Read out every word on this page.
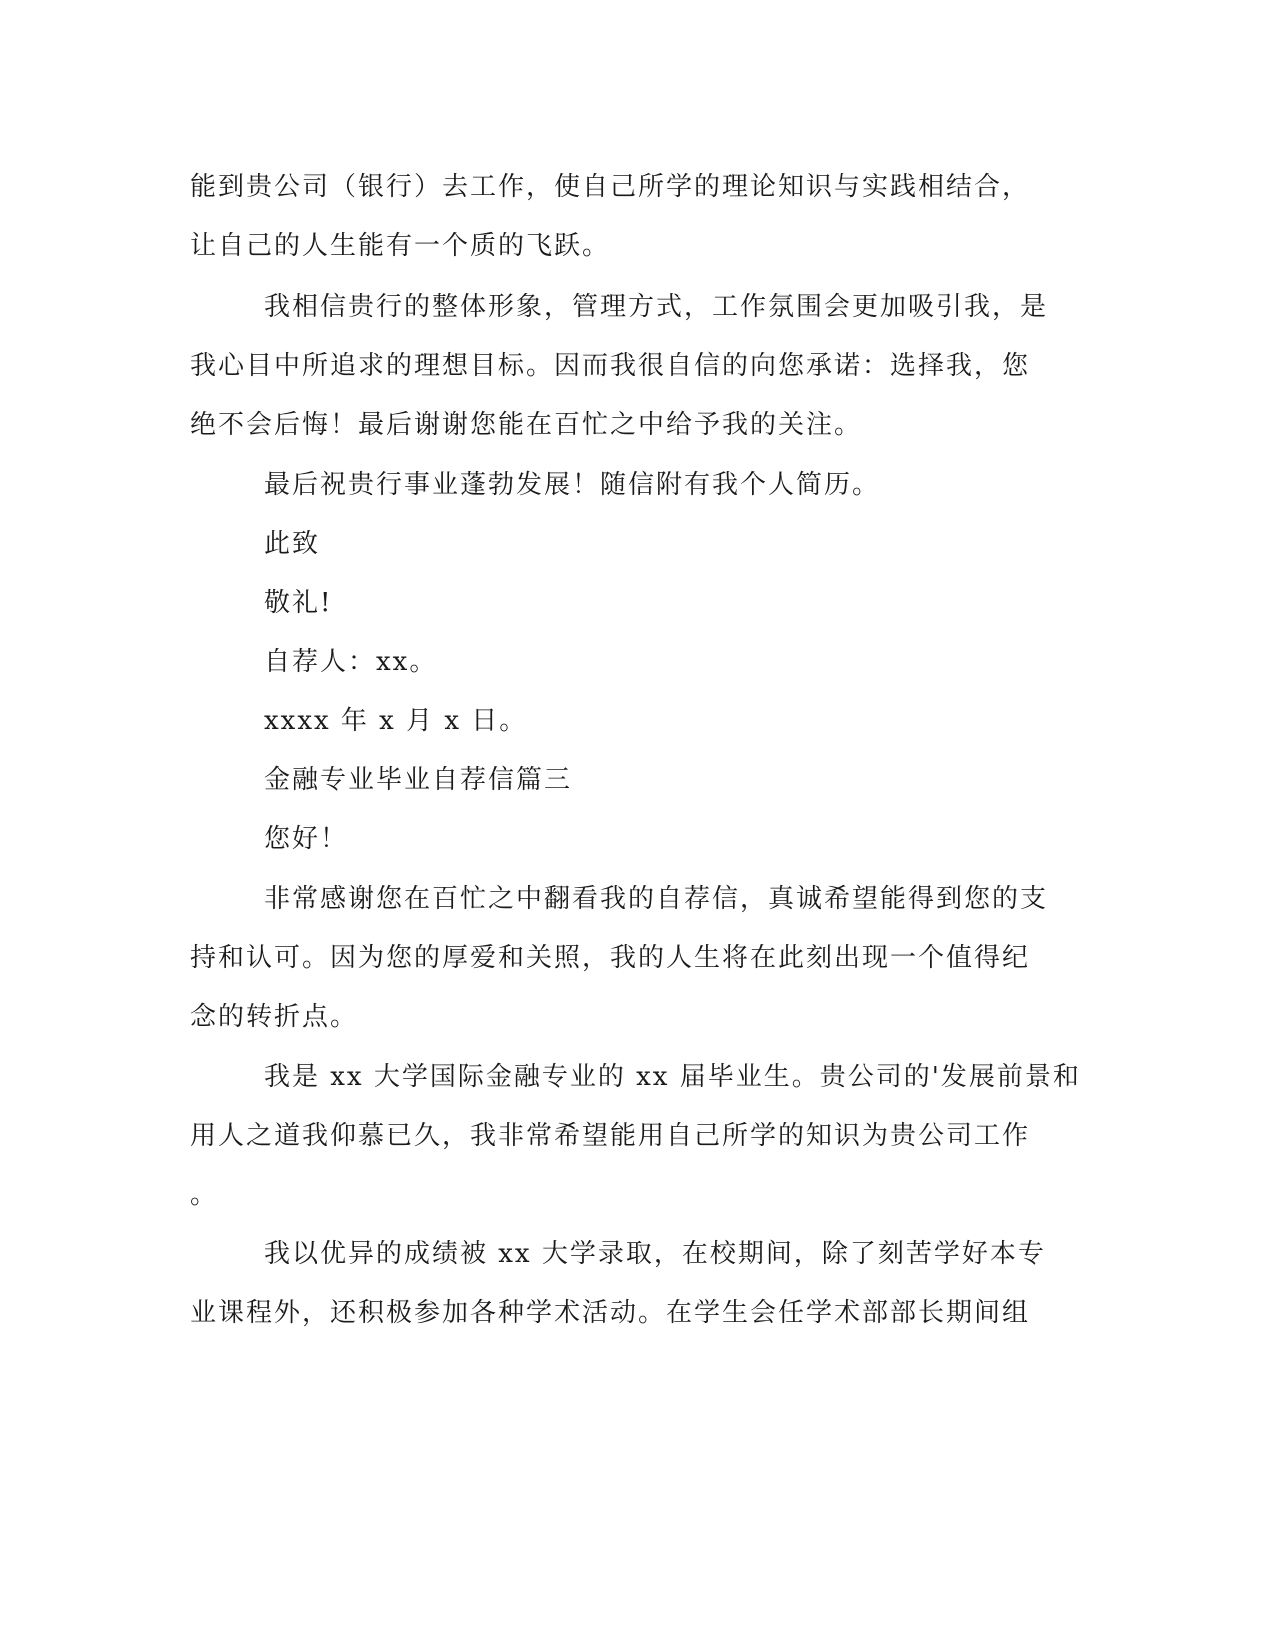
能到贵公司（银行）去工作，使自己所学的理论知识与实践相结合，
让自己的人生能有一个质的飞跃。
我相信贵行的整体形象，管理方式，工作氛围会更加吸引我，是
我心目中所追求的理想目标。因而我很自信的向您承诺：选择我，您
绝不会后悔！最后谢谢您能在百忙之中给予我的关注。
最后祝贵行事业蓬勃发展！随信附有我个人简历。
此致
敬礼!
自荐人：xx。
xxxx 年 x 月 x 日。
金融专业毕业自荐信篇三
您好！
非常感谢您在百忙之中翻看我的自荐信，真诚希望能得到您的支
持和认可。因为您的厚爱和关照，我的人生将在此刻出现一个值得纪
念的转折点。
我是 xx 大学国际金融专业的 xx 届毕业生。贵公司的'发展前景和
用人之道我仰慕已久，我非常希望能用自己所学的知识为贵公司工作
。
我以优异的成绩被 xx 大学录取，在校期间，除了刻苦学好本专
业课程外，还积极参加各种学术活动。在学生会任学术部部长期间组
